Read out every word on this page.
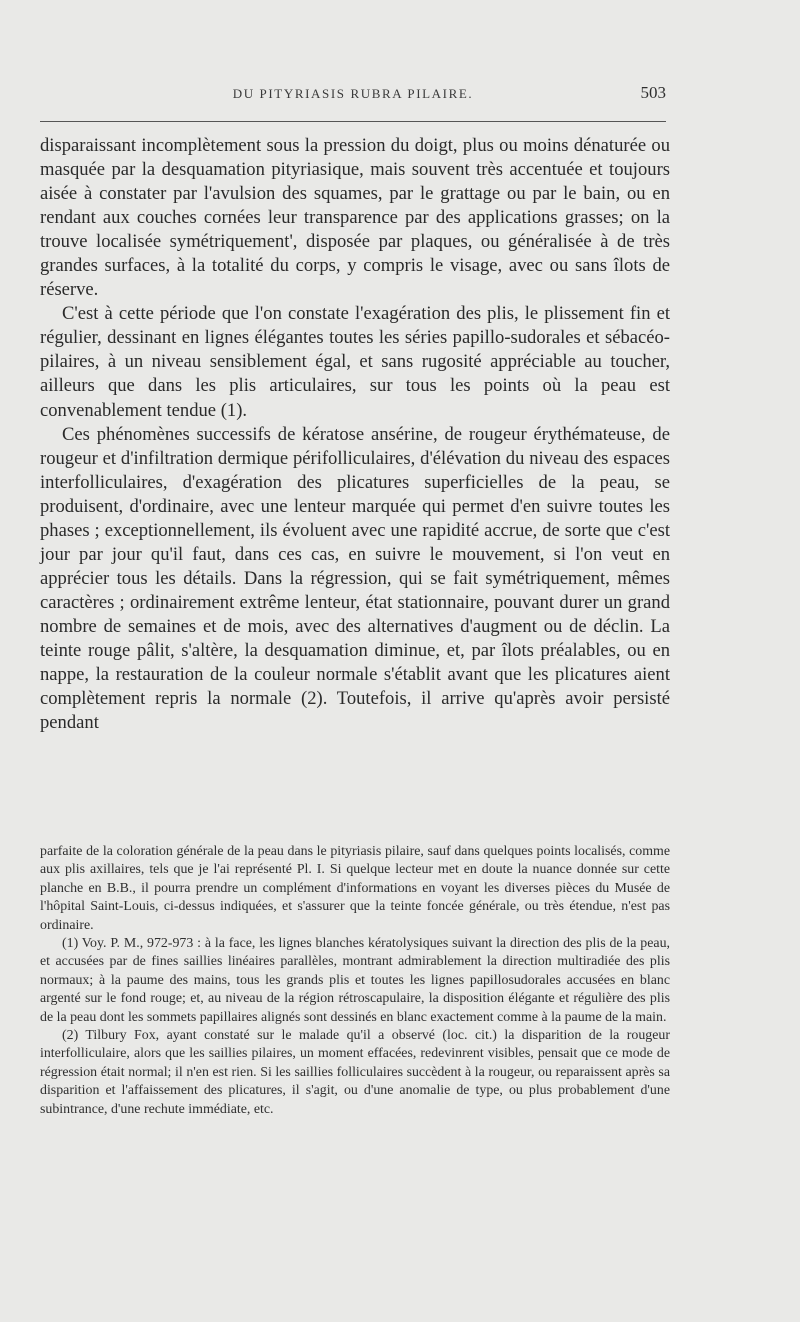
DU PITYRIASIS RUBRA PILAIRE.	503

disparaissant incomplètement sous la pression du doigt, plus ou moins dénaturée ou masquée par la desquamation pityriasique, mais souvent très accentuée et toujours aisée à constater par l'avulsion des squames, par le grattage ou par le bain, ou en rendant aux couches cornées leur transparence par des applications grasses; on la trouve localisée symétriquement', disposée par plaques, ou généralisée à de très grandes surfaces, à la totalité du corps, y compris le visage, avec ou sans îlots de réserve.

C'est à cette période que l'on constate l'exagération des plis, le plissement fin et régulier, dessinant en lignes élégantes toutes les séries papillo-sudorales et sébacéo-pilaires, à un niveau sensiblement égal, et sans rugosité appréciable au toucher, ailleurs que dans les plis articulaires, sur tous les points où la peau est convenablement tendue (1).

Ces phénomènes successifs de kératose ansérine, de rougeur érythémateuse, de rougeur et d'infiltration dermique périfolliculaires, d'élévation du niveau des espaces interfolliculaires, d'exagération des plicatures superficielles de la peau, se produisent, d'ordinaire, avec une lenteur marquée qui permet d'en suivre toutes les phases ; exceptionnellement, ils évoluent avec une rapidité accrue, de sorte que c'est jour par jour qu'il faut, dans ces cas, en suivre le mouvement, si l'on veut en apprécier tous les détails. Dans la régression, qui se fait symétriquement, mêmes caractères ; ordinairement extrême lenteur, état stationnaire, pouvant durer un grand nombre de semaines et de mois, avec des alternatives d'augment ou de déclin. La teinte rouge pâlit, s'altère, la desquamation diminue, et, par îlots préalables, ou en nappe, la restauration de la couleur normale s'établit avant que les plicatures aient complètement repris la normale (2). Toutefois, il arrive qu'après avoir persisté pendant

parfaite de la coloration générale de la peau dans le pityriasis pilaire, sauf dans quelques points localisés, comme aux plis axillaires, tels que je l'ai représenté Pl. I. Si quelque lecteur met en doute la nuance donnée sur cette planche en B.B., il pourra prendre un complément d'informations en voyant les diverses pièces du Musée de l'hôpital Saint-Louis, ci-dessus indiquées, et s'assurer que la teinte foncée générale, ou très étendue, n'est pas ordinaire.

(1) Voy. P. M., 972-973 : à la face, les lignes blanches kératolysiques suivant la direction des plis de la peau, et accusées par de fines saillies linéaires parallèles, montrant admirablement la direction multiradiée des plis normaux; à la paume des mains, tous les grands plis et toutes les lignes papillosudorales accusées en blanc argenté sur le fond rouge; et, au niveau de la région rétroscapulaire, la disposition élégante et régulière des plis de la peau dont les sommets papillaires alignés sont dessinés en blanc exactement comme à la paume de la main.

(2) Tilbury Fox, ayant constaté sur le malade qu'il a observé (loc. cit.) la disparition de la rougeur interfolliculaire, alors que les saillies pilaires, un moment effacées, redevinrent visibles, pensait que ce mode de régression était normal; il n'en est rien. Si les saillies folliculaires succèdent à la rougeur, ou reparaissent après sa disparition et l'affaissement des plicatures, il s'agit, ou d'une anomalie de type, ou plus probablement d'une subintrance, d'une rechute immédiate, etc.
